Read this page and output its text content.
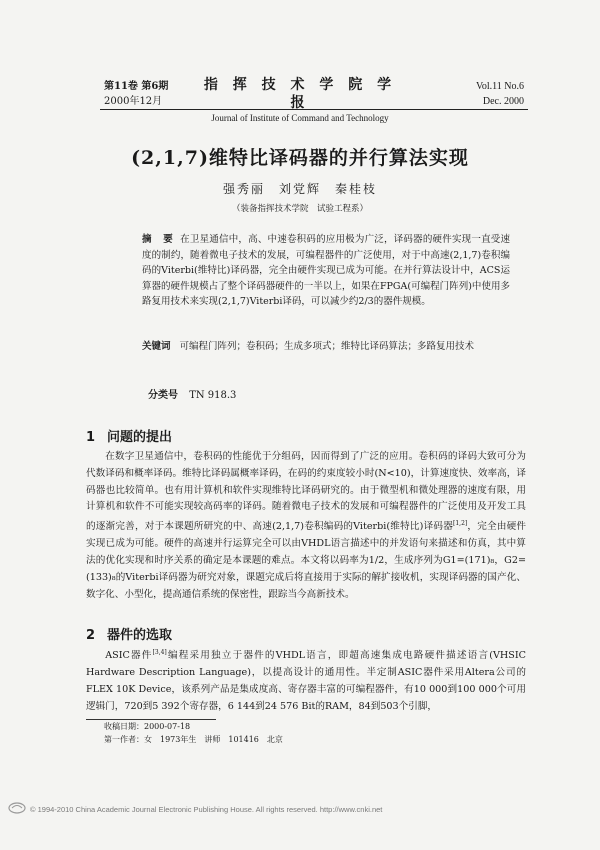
第11卷 第6期
2000年12月
指 挥 技 术 学 院 学 报
Journal of Institute of Command and Technology
Vol.11 No.6
Dec. 2000
(2,1,7)维特比译码器的并行算法实现
强秀丽　刘党辉　秦桂枝
（装备指挥技术学院　试验工程系）
摘 要 在卫星通信中，高、中速卷积码的应用极为广泛，译码器的硬件实现一直受速度的制约，随着微电子技术的发展，可编程器件的广泛使用，对于中高速(2,1,7)卷积编码的Viterbi(维特比)译码器，完全由硬件实现已成为可能。在并行算法设计中，ACS运算器的硬件规模占了整个译码器硬件的一半以上，如果在FPGA(可编程门阵列)中使用多路复用技术来实现(2,1,7)Viterbi译码，可以减少约2/3的器件规模。
关键词 可编程门阵列；卷积码；生成多项式；维特比译码算法；多路复用技术
分类号 TN 918.3
1 问题的提出

在数字卫星通信中，卷积码的性能优于分组码，因而得到了广泛的应用。卷积码的译码大致可分为代数译码和概率译码。维特比译码属概率译码，在码的约束度较小时(N<10)，计算速度快、效率高，译码器也比较简单。也有用计算机和软件实现维特比译码研究的。由于微型机和微处理器的速度有限，用计算机和软件不可能实现较高码率的译码。随着微电子技术的发展和可编程器件的广泛使用及开发工具的逐渐完善，对于本课题所研究的中、高速(2,1,7)卷积编码的Viterbi(维特比)译码器[1,2]，完全由硬件实现已成为可能。硬件的高速并行运算完全可以由VHDL语言描述中的并发语句来描述和仿真，其中算法的优化实现和时序关系的确定是本课题的难点。本文将以码率为1/2，生成序列为G1=(171)₈，G2=(133)₈的Viterbi译码器为研究对象，课题完成后将直接用于实际的解扩接收机，实现译码器的国产化、数字化、小型化，提高通信系统的保密性，跟踪当今高新技术。

2 器件的选取

ASIC器件[3,4]编程采用独立于器件的VHDL语言，即超高速集成电路硬件描述语言(VHSIC Hardware Description Language)，以提高设计的通用性。半定制ASIC器件采用Altera公司的FLEX 10K Device，该系列产品是集成度高、寄存器丰富的可编程器件，有10 000到100 000个可用逻辑门，720到5 392个寄存器，6 144到24 576 Bit的RAM，84到503个引脚，

收稿日期：2000-07-18
第一作者：女　1973年生　讲师　101416　北京
© 1994-2010 China Academic Journal Electronic Publishing House. All rights reserved. http://www.cnki.net
